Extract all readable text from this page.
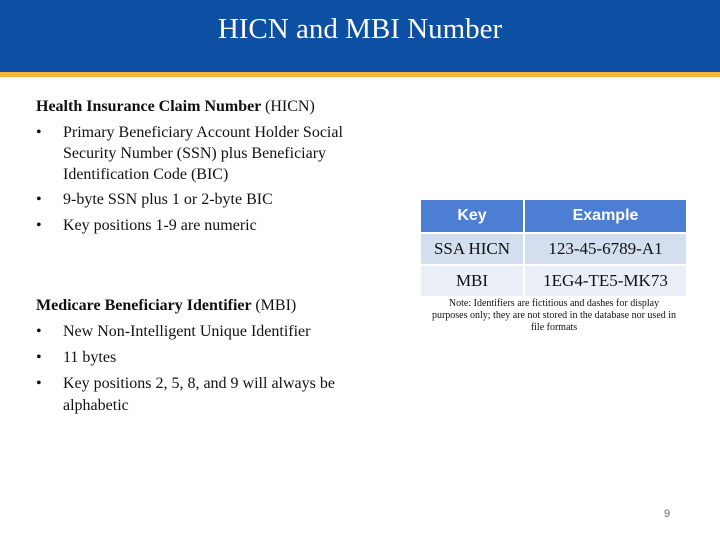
HICN and MBI Number
Health Insurance Claim Number (HICN)
•	Primary Beneficiary Account Holder Social Security Number (SSN) plus Beneficiary Identification Code (BIC)
•	9-byte SSN plus 1 or 2-byte BIC
•	Key positions 1-9 are numeric
Medicare Beneficiary Identifier (MBI)
•	New Non-Intelligent Unique Identifier
•	11 bytes
•	Key positions 2, 5, 8, and 9 will always be alphabetic
Key	Example
SSA HICN	123-45-6789-A1
MBI	1EG4-TE5-MK73
Note: Identifiers are fictitious and dashes for display purposes only; they are not stored in the database nor used in file formats
9
